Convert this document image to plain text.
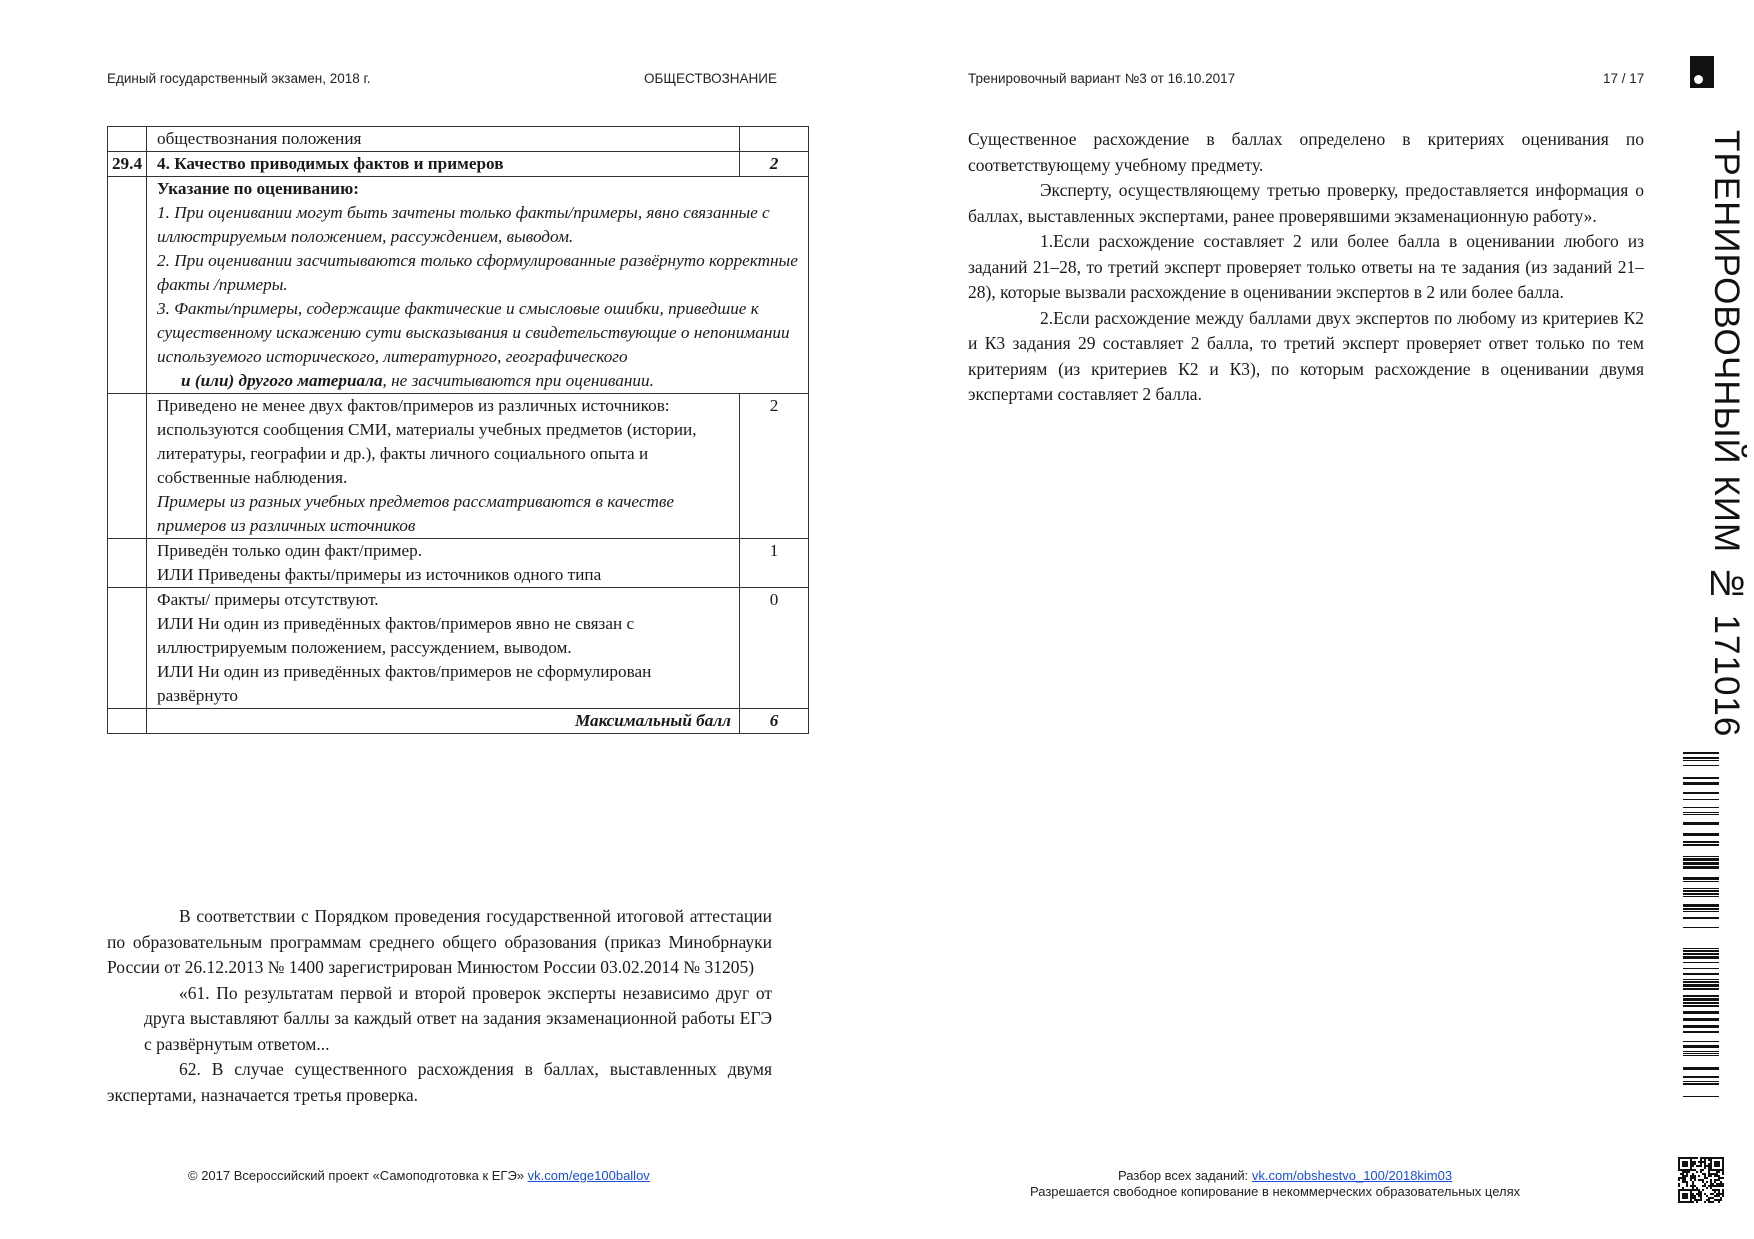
Единый государственный экзамен, 2018 г.	ОБЩЕСТВОЗНАНИЕ	Тренировочный вариант №3 от 16.10.2017	17 / 17
ТРЕНИРОВОЧНЫЙ КИМ № 171016
	обществознания положения	
29.4	4. Качество приводимых фактов и примеров	2

	Указание по оцениванию:
1. При оценивании могут быть зачтены только факты/примеры, явно связанные с иллюстрируемым положением, рассуждением, выводом.
2. При оценивании засчитываются только сформулированные развёрнуто корректные факты /примеры.
3. Факты/примеры, содержащие фактические и смысловые ошибки, приведшие к существенному искажению сути высказывания и свидетельствующие о непонимании используемого исторического, литературного, географического
и (или) другого материала, не засчитываются при оценивании.	

	Приведено не менее двух фактов/примеров из различных источников: используются сообщения СМИ, материалы учебных предметов (истории, литературы, географии и др.), факты личного социального опыта и собственные наблюдения.
Примеры из разных учебных предметов рассматриваются в качестве примеров из различных источников	2

	Приведён только один факт/пример.
ИЛИ Приведены факты/примеры из источников одного типа	1

	Факты/ примеры отсутствуют.
ИЛИ Ни один из приведённых фактов/примеров явно не связан с иллюстрируемым положением, рассуждением, выводом.
ИЛИ Ни один из приведённых фактов/примеров не сформулирован развёрнуто	0
	Максимальный балл	6

В соответствии с Порядком проведения государственной итоговой аттестации по образовательным программам среднего общего образования (приказ Минобрнауки России от 26.12.2013 № 1400 зарегистрирован Минюстом России 03.02.2014 № 31205)

«61. По результатам первой и второй проверок эксперты независимо друг от друга выставляют баллы за каждый ответ на задания экзаменационной работы ЕГЭ с развёрнутым ответом...

62. В случае существенного расхождения в баллах, выставленных двумя экспертами, назначается третья проверка.

Существенное расхождение в баллах определено в критериях оценивания по соответствующему учебному предмету.

Эксперту, осуществляющему третью проверку, предоставляется информация о баллах, выставленных экспертами, ранее проверявшими экзаменационную работу».

1.Если расхождение составляет 2 или более балла в оценивании любого из заданий 21–28, то третий эксперт проверяет только ответы на те задания (из заданий 21–28), которые вызвали расхождение в оценивании экспертов в 2 или более балла.

2.Если расхождение между баллами двух экспертов по любому из критериев К2 и К3 задания 29 составляет 2 балла, то третий эксперт проверяет ответ только по тем критериям (из критериев К2 и К3), по которым расхождение в оценивании двумя экспертами составляет 2 балла.

© 2017 Всероссийский проект «Самоподготовка к ЕГЭ» vk.com/ege100ballov	Разбор всех заданий: vk.com/obshestvo_100/2018kim03
Разрешается свободное копирование в некоммерческих образовательных целях
